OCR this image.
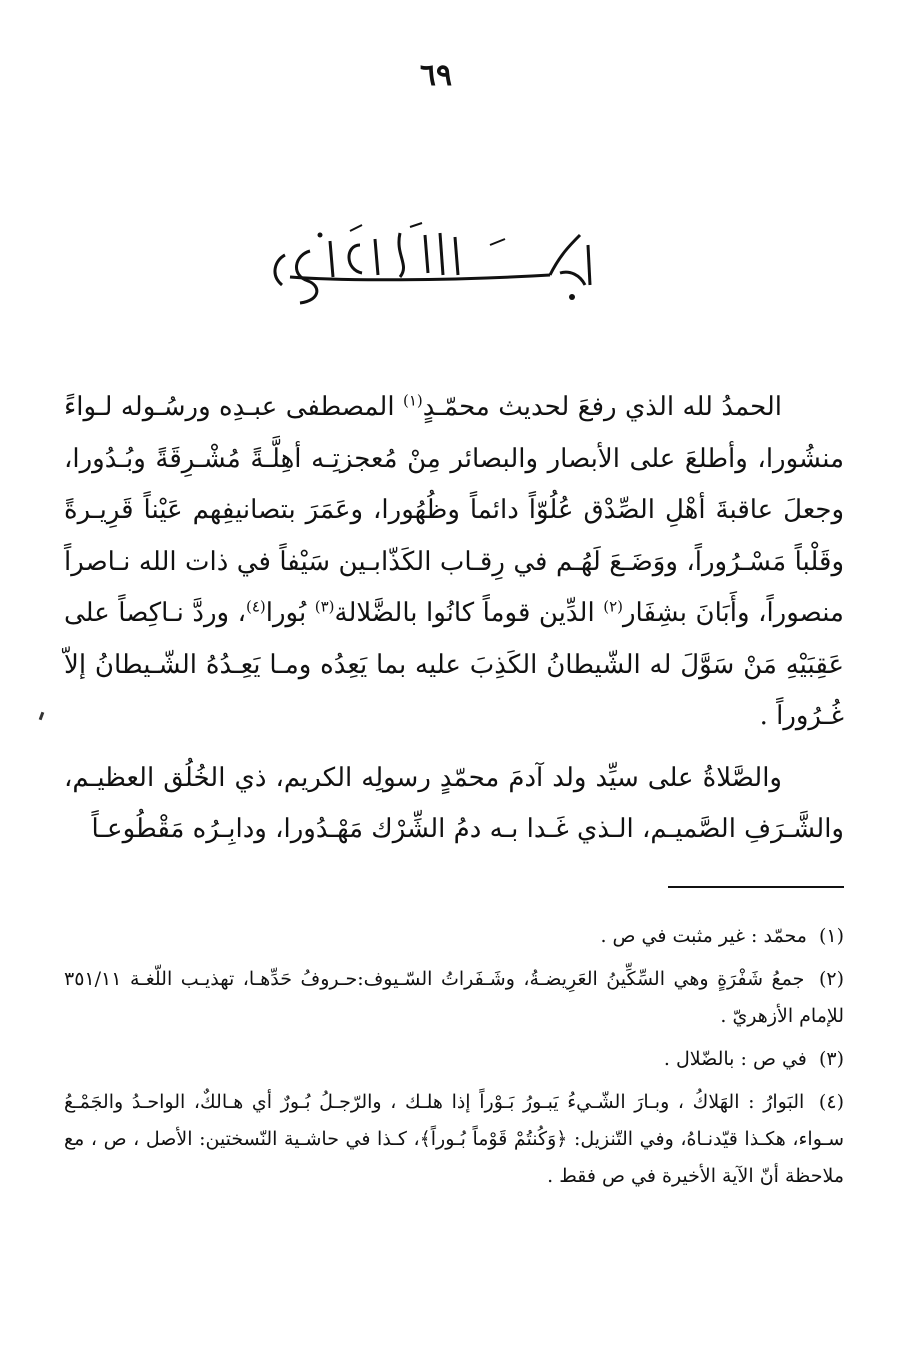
٦٩

الحمدُ لله الذي رفعَ لحديث محمّـدٍ$^{(١)}$ المصطفى عبـدِه ورسُـوله لـواءً منشُورا، وأطلعَ على الأبصار والبصائر مِنْ مُعجزتِـه أهِلَّـةً مُشْـرِقَةً وبُـدُورا، وجعلَ عاقبةَ أهْلِ الصِّدْق عُلُوّاً دائماً وظُهُورا، وعَمَرَ بتصانيفِهم عَيْناً قَرِيـرةً وقَلْباً مَسْـرُوراً، ووَضَـعَ لَهُـم في رِقـاب الكَذّابـين سَيْفاً في ذات الله نـاصراً منصوراً، وأَبَانَ بشِفَار$^{(٢)}$ الدِّين قوماً كانُوا بالضَّلالة$^{(٣)}$ بُورا$^{(٤)}$، وردَّ نـاكِصاً على عَقِبَيْهِ مَنْ سَوَّلَ له الشّيطانُ الكَذِبَ عليه بما يَعِدُه ومـا يَعِـدُهُ الشّـيطانُ إلاّ غُـرُوراً .

والصَّلاةُ على سيِّد ولد آدمَ محمّدٍ رسولِه الكريم، ذي الخُلُق العظيـم، والشَّـرَفِ الصَّميـم، الـذي غَـدا بـه دمُ الشِّرْك مَهْـدُورا، ودابِـرُه مَقْطُوعـاً

(١) محمّد : غير مثبت في ص .

(٢) جمعُ شَفْرَةٍ وهي السِّكِّينُ العَرِيضـةُ، وشَـفَراتُ السّـيوف:حـروفُ حَدِّهـا، تهذيـب اللّغـة ٣٥١/١١ للإمام الأزهريّ .

(٣) في ص : بالضّلال .

(٤) البَوارُ : الهَلاكُ ، وبـارَ الشّـيءُ يَبـورُ بَـوْراً إذا هلـك ، والرّجـلُ بُـورٌ أي هـالكٌ، الواحـدُ والجَمْـعُ سـواء، هكـذا قيّدنـاهُ، وفي التّنزيل: ﴿وَكُنتُمْ قَوْماً بُـوراً﴾، كـذا في حاشـية النّسختين: الأصل ، ص ، مع ملاحظة أنّ الآية الأخيرة في ص فقط .
